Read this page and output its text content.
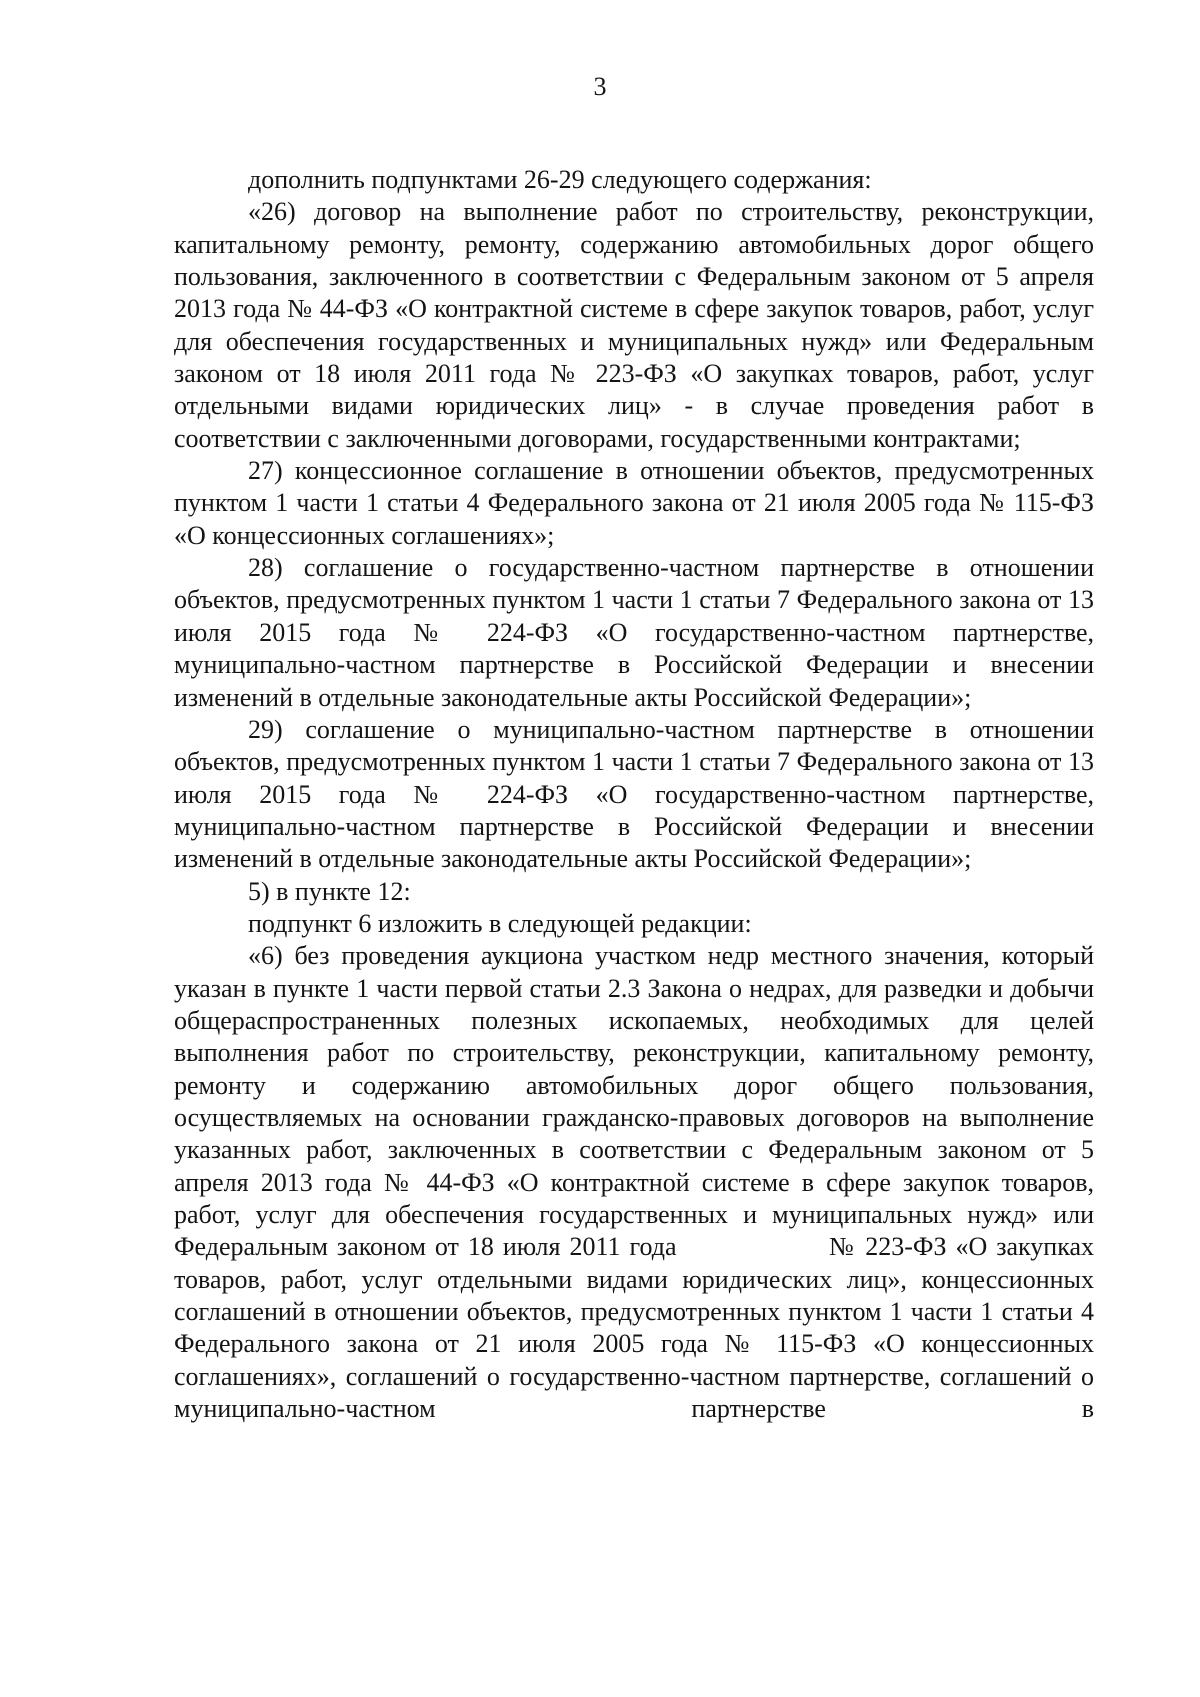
3

дополнить подпунктами 26-29 следующего содержания:

«26) договор на выполнение работ по строительству, реконструкции, капитальному ремонту, ремонту, содержанию автомобильных дорог общего пользования, заключенного в соответствии с Федеральным законом от 5 апреля 2013 года № 44-ФЗ «О контрактной системе в сфере закупок товаров, работ, услуг для обеспечения государственных и муниципальных нужд» или Федеральным законом от 18 июля 2011 года № 223-ФЗ «О закупках товаров, работ, услуг отдельными видами юридических лиц» - в случае проведения работ в соответствии с заключенными договорами, государственными контрактами;

27) концессионное соглашение в отношении объектов, предусмотренных пунктом 1 части 1 статьи 4 Федерального закона от 21 июля 2005 года № 115-ФЗ «О концессионных соглашениях»;

28) соглашение о государственно-частном партнерстве в отношении объектов, предусмотренных пунктом 1 части 1 статьи 7 Федерального закона от 13 июля 2015 года № 224-ФЗ «О государственно-частном партнерстве, муниципально-частном партнерстве в Российской Федерации и внесении изменений в отдельные законодательные акты Российской Федерации»;

29) соглашение о муниципально-частном партнерстве в отношении объектов, предусмотренных пунктом 1 части 1 статьи 7 Федерального закона от 13 июля 2015 года № 224-ФЗ «О государственно-частном партнерстве, муниципально-частном партнерстве в Российской Федерации и внесении изменений в отдельные законодательные акты Российской Федерации»;

5) в пункте 12:

подпункт 6 изложить в следующей редакции:

«6) без проведения аукциона участком недр местного значения, который указан в пункте 1 части первой статьи 2.3 Закона о недрах, для разведки и добычи общераспространенных полезных ископаемых, необходимых для целей выполнения работ по строительству, реконструкции, капитальному ремонту, ремонту и содержанию автомобильных дорог общего пользования, осуществляемых на основании гражданско-правовых договоров на выполнение указанных работ, заключенных в соответствии с Федеральным законом от 5 апреля 2013 года № 44-ФЗ «О контрактной системе в сфере закупок товаров, работ, услуг для обеспечения государственных и муниципальных нужд» или Федеральным законом от 18 июля 2011 года	№ 223-ФЗ «О закупках товаров, работ, услуг отдельными видами юридических лиц», концессионных соглашений в отношении объектов, предусмотренных пунктом 1 части 1 статьи 4 Федерального закона от 21 июля 2005 года № 115-ФЗ «О концессионных соглашениях», соглашений о государственно-частном партнерстве, соглашений о муниципально-частном партнерстве в
